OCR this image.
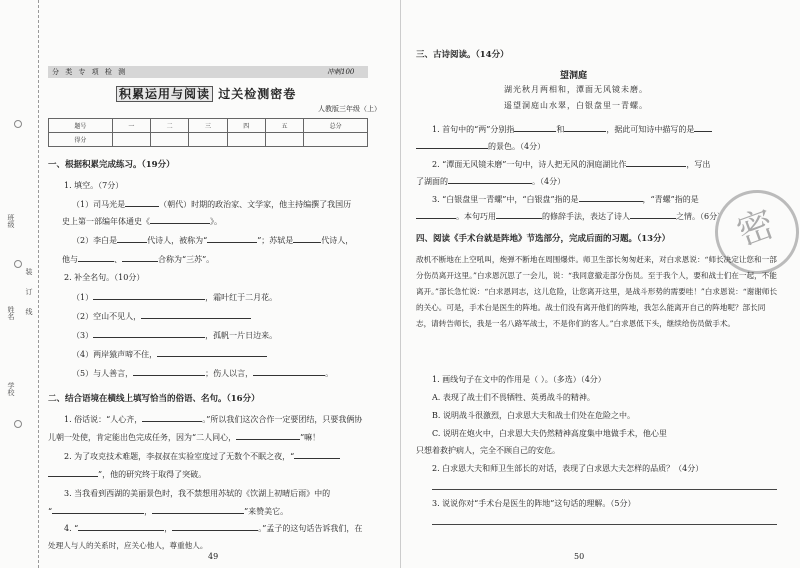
班级
姓名
学校
装
订
线
分 类 专 项 检 测	冲刺100
积累运用与阅读 过关检测密卷
人教版三年级（上）
题号	一	二	三	四	五	总分
得分						
一、根据积累完成练习。（19分）
1. 填空。（7分）
（1）司马光是	（朝代）时期的政治家、文学家，他主持编撰了我国历
史上第一部编年体通史《	》。
（2）李白是	代诗人，被称为“	”；苏轼是	代诗人，
他与	、	合称为“三苏”。
2. 补全名句。（10分）
（1）	，霜叶红于二月花。
（2）空山不见人，
（3）	，孤帆一片日边来。
（4）两岸猿声啼不住，
（5）与人善言，	；伤人以言，	。
二、结合语境在横线上填写恰当的俗语、名句。（16分）
1. 俗话说：“人心齐，	。”所以我们这次合作一定要团结，只要我俩协
儿朝一处使，肯定能出色完成任务，因为“二人同心，	”嘛！
2. 为了攻克技术难题，李叔叔在实验室度过了无数个不眠之夜，“
”，他的研究终于取得了突破。
3. 当我看到西湖的美丽景色时，我不禁想用苏轼的《饮湖上初晴后雨》中的
“	，	”来赞美它。
4. “	，	。”孟子的这句话告诉我们，在
处理人与人的关系时，应关心他人，尊重他人。
49
三、古诗阅读。（14分）
望洞庭
湖光秋月两相和，潭面无风镜未磨。
遥望洞庭山水翠，白银盘里一青螺。
1. 首句中的“两”分别指	和	，据此可知诗中描写的是
的景色。（4分）
2. “潭面无风镜未磨”一句中，诗人把无风的洞庭湖比作	，写出
了湖面的	。（4分）
3. “白银盘里一青螺”中，“白银盘”指的是	，“青螺”指的是
。本句巧用	的修辞手法，表达了诗人	之情。（6分） 密
四、阅读《手术台就是阵地》节选部分，完成后面的习题。（13分）
敌机不断地在上空吼叫，炮弹不断地在周围爆炸。师卫生部长匆匆赶来，对白求恩说：“师长决定让您和一部分伤员离开这里。”白求恩沉思了一会儿，说：“我同意撤走部分伤员。至于我个人，要和战士们在一起，不能离开。”部长急忙说：“白求恩同志，这儿危险，让您离开这里，是战斗形势的需要哇！”白求恩说：“谢谢师长的关心。可是，手术台是医生的阵地。战士们没有离开他们的阵地，我怎么能离开自己的阵地呢？部长同志，请转告师长，我是一名八路军战士，不是你们的客人。”白求恩低下头，继续给伤员做手术。
1. 画线句子在文中的作用是（ ）。（多选）（4分）
A. 表现了战士们不畏牺牲、英勇战斗的精神。
B. 说明战斗很激烈，白求恩大夫和战士们处在危险之中。
C. 说明在炮火中，白求恩大夫仍然精神高度集中地做手术，他心里
只想着救护病人，完全不顾自己的安危。
2. 白求恩大夫和师卫生部长的对话，表现了白求恩大夫怎样的品质？（4分）
3. 说说你对“手术台是医生的阵地”这句话的理解。（5分）
50
